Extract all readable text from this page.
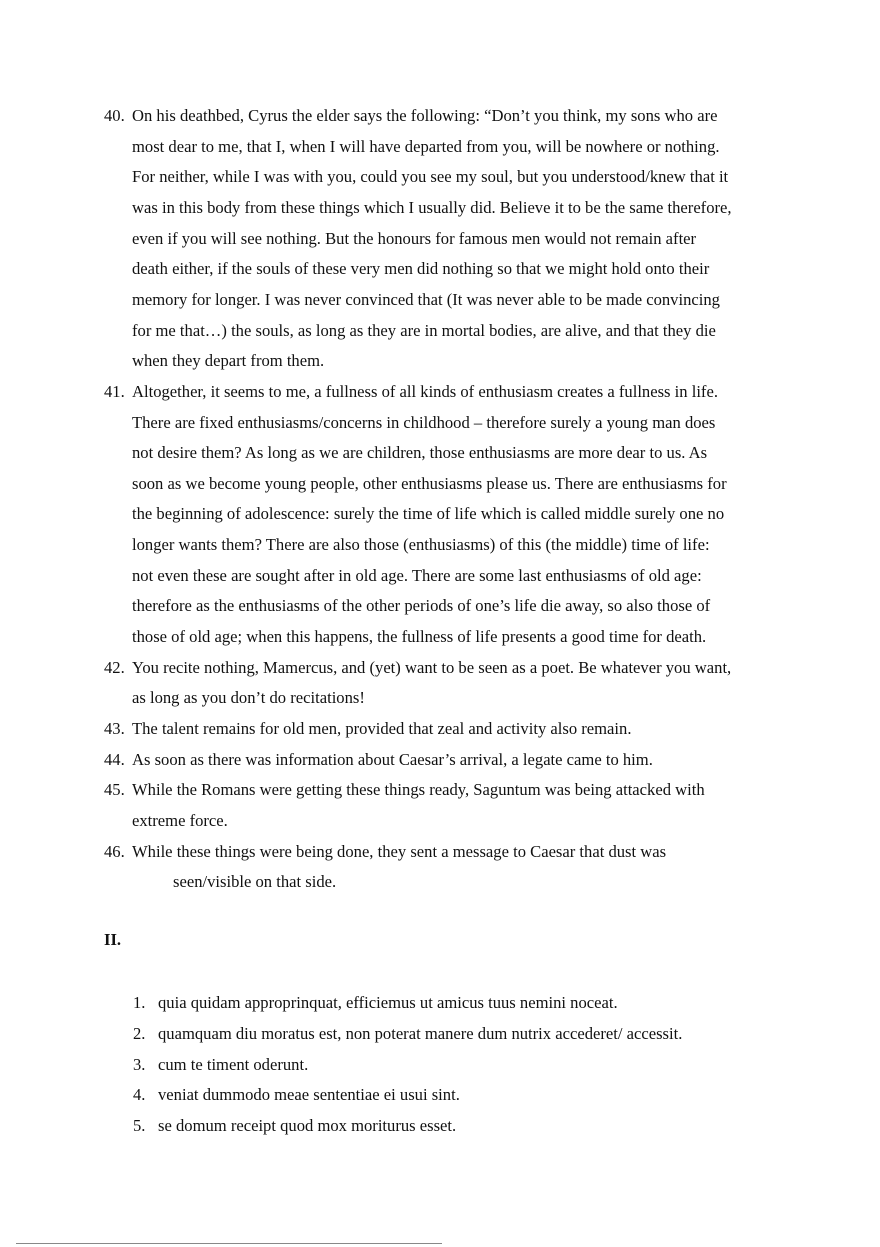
II.
40. On his deathbed, Cyrus the elder says the following: “Don’t you think, my sons who are
most dear to me, that I, when I will have departed from you, will be nowhere or nothing.
For neither, while I was with you, could you see my soul, but you understood/knew that it
was in this body from these things which I usually did. Believe it to be the same therefore,
even if you will see nothing. But the honours for famous men would not remain after
death either, if the souls of these very men did nothing so that we might hold onto their
memory for longer. I was never convinced that (It was never able to be made convincing
for me that…) the souls, as long as they are in mortal bodies, are alive, and that they die
when they depart from them.
41. Altogether, it seems to me, a fullness of all kinds of enthusiasm creates a fullness in life.
There are fixed enthusiasms/concerns in childhood – therefore surely a young man does
not desire them? As long as we are children, those enthusiasms are more dear to us. As
soon as we become young people, other enthusiasms please us. There are enthusiasms for
the beginning of adolescence: surely the time of life which is called middle surely one no
longer wants them? There are also those (enthusiasms) of this (the middle) time of life:
not even these are sought after in old age. There are some last enthusiasms of old age:
therefore as the enthusiasms of the other periods of one’s life die away, so also those of
those of old age; when this happens, the fullness of life presents a good time for death.
42. You recite nothing, Mamercus, and (yet) want to be seen as a poet. Be whatever you want,
as long as you don’t do recitations!
43. The talent remains for old men, provided that zeal and activity also remain.
44. As soon as there was information about Caesar’s arrival, a legate came to him.
45. While the Romans were getting these things ready, Saguntum was being attacked with
extreme force.
46. While these things were being done, they sent a message to Caesar that dust was
seen/visible on that side.
1. quia quidam approprinquat, efficiemus ut amicus tuus nemini noceat.
2. quamquam diu moratus est, non poterat manere dum nutrix accederet/ accessit.
3. cum te timent oderunt.
4. veniat dummodo meae sententiae ei usui sint.
5. se domum receipt quod mox moriturus esset.
